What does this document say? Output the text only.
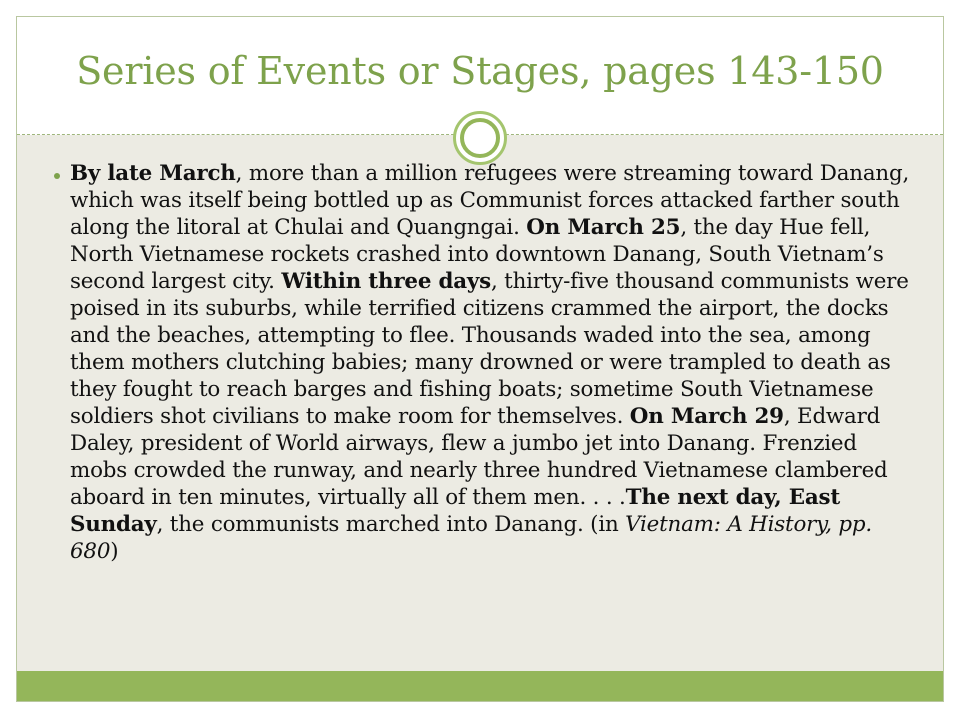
Series of Events or Stages, pages 143-150

By late March, more than a million refugees were streaming toward Danang, which was itself being bottled up as Communist forces attacked farther south along the litoral at Chulai and Quangngai. On March 25, the day Hue fell, North Vietnamese rockets crashed into downtown Danang, South Vietnam’s second largest city. Within three days, thirty-five thousand communists were poised in its suburbs, while terrified citizens crammed the airport, the docks and the beaches, attempting to flee. Thousands waded into the sea, among them mothers clutching babies; many drowned or were trampled to death as they fought to reach barges and fishing boats; sometime South Vietnamese soldiers shot civilians to make room for themselves. On March 29, Edward Daley, president of World airways, flew a jumbo jet into Danang. Frenzied mobs crowded the runway, and nearly three hundred Vietnamese clambered aboard in ten minutes, virtually all of them men. . . .The next day, East Sunday, the communists marched into Danang. (in Vietnam: A History, pp. 680)
